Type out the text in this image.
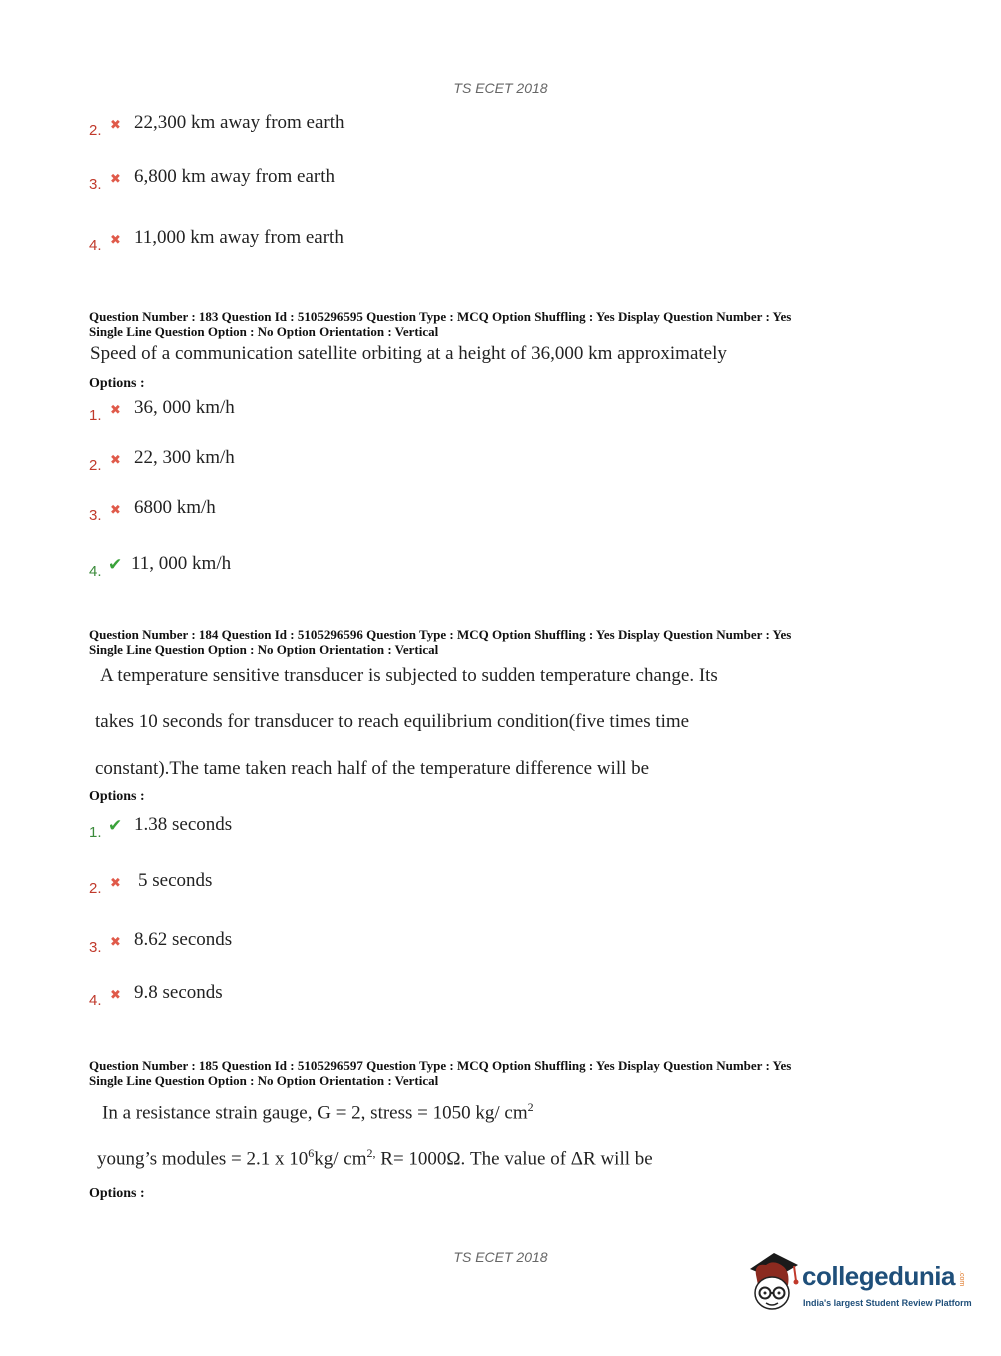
TS ECET 2018
2. ✖ 22,300 km away from earth
3. ✖ 6,800 km away from earth
4. ✖ 11,000 km away from earth
Question Number : 183 Question Id : 5105296595 Question Type : MCQ Option Shuffling : Yes Display Question Number : Yes
Single Line Question Option : No Option Orientation : Vertical
Speed of a communication satellite orbiting at a height of 36,000 km approximately
Options :
1. ✖ 36, 000 km/h
2. ✖ 22, 300 km/h
3. ✖ 6800 km/h
4. ✔ 11, 000 km/h
Question Number : 184 Question Id : 5105296596 Question Type : MCQ Option Shuffling : Yes Display Question Number : Yes
Single Line Question Option : No Option Orientation : Vertical
A temperature sensitive transducer is subjected to sudden temperature change. Its
takes 10 seconds for transducer to reach equilibrium condition(five times time
constant).The tame taken reach half of the temperature difference will be
Options :
1. ✔ 1.38 seconds
2. ✖ 5 seconds
3. ✖ 8.62 seconds
4. ✖ 9.8 seconds
Question Number : 185 Question Id : 5105296597 Question Type : MCQ Option Shuffling : Yes Display Question Number : Yes
Single Line Question Option : No Option Orientation : Vertical
In a resistance strain gauge, G = 2, stress = 1050 kg/ $cm^2$
young’s modules = 2.1 x $10^6kg/$ $cm^{2,}$ R= 1000Ω. The value of ΔR will be
Options :
TS ECET 2018
collegedunia .com
India's largest Student Review Platform
